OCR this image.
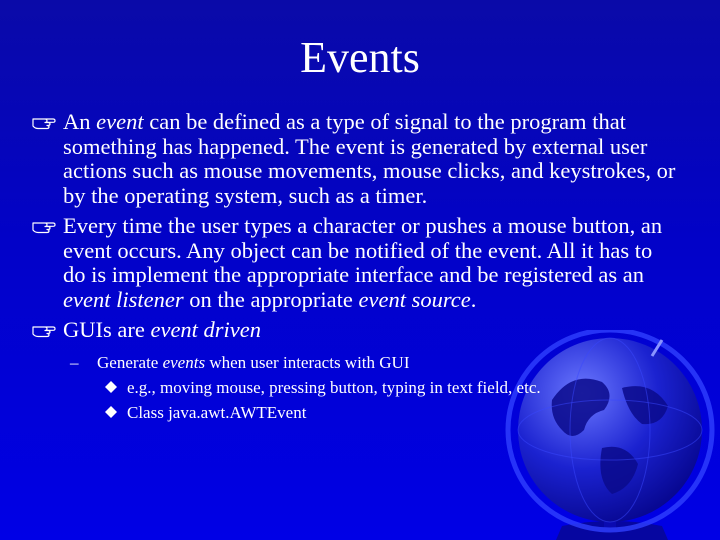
Events
An event can be defined as a type of signal to the program that something has happened. The event is generated by external user actions such as mouse movements, mouse clicks, and keystrokes, or by the operating system, such as a timer.
Every time the user types a character or pushes a mouse button, an event occurs. Any object can be notified of the event. All it has to do is implement the appropriate interface and be registered as an event listener on the appropriate event source.
GUIs are event driven
– Generate events when user interacts with GUI
e.g., moving mouse, pressing button, typing in text field, etc.
Class java.awt.AWTEvent
